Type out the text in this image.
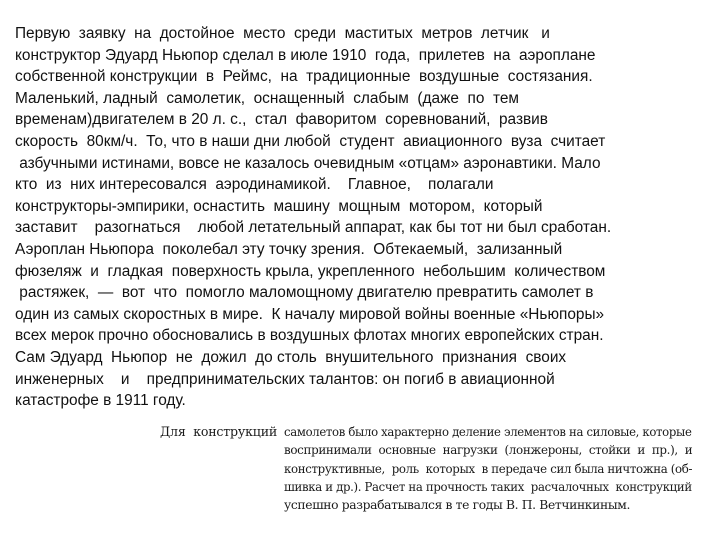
Первую  заявку  на  достойное  место  среди  маститых  метров  летчик   и
конструктор Эдуард Ньюпор сделал в июле 1910  года,  прилетев  на  аэроплане
собственной конструкции  в  Реймс,  на  традиционные  воздушные  состязания.
Маленький, ладный  самолетик,  оснащенный  слабым  (даже  по  тем
временам)двигателем в 20 л. с.,  стал  фаворитом  соревнований,  развив
скорость  80км/ч.  То, что в наши дни любой  студент  авиационного  вуза  считает
азбучными истинами, вовсе не казалось очевидным «отцам» аэронавтики. Мало
кто  из  них интересовался  аэродинамикой.    Главное,    полагали
конструкторы-эмпирики, оснастить  машину  мощным  мотором,  который
заставит    разогнаться    любой летательный аппарат, как бы тот ни был сработан.
Аэроплан Ньюпора  поколебал эту точку зрения.  Обтекаемый,  зализанный
фюзеляж  и  гладкая  поверхность крыла, укрепленного  небольшим  количеством
растяжек,  —  вот  что  помогло маломощному двигателю превратить самолет в
один из самых скоростных в мире.  К началу мировой войны военные «Ньюпоры»
всех мерок прочно обосновались в воздушных флотах многих европейских стран.
Сам Эдуард  Ньюпор  не  дожил  до столь  внушительного  признания  своих
инженерных    и    предпринимательских талантов: он погиб в авиационной
катастрофе в 1911 году.
Для  конструкций самолетов было характерно деление элементов на силовые, которые
воспринимали  основные  нагрузки  (лонжероны,  стойки  и  пр.),  и
конструктивные,  роль  которых  в передаче сил была ничтожна (об-
шивка и др.). Расчет на прочность таких  расчалочных  конструкций
успешно разрабатывался в те годы В. П. Ветчинкиным.
